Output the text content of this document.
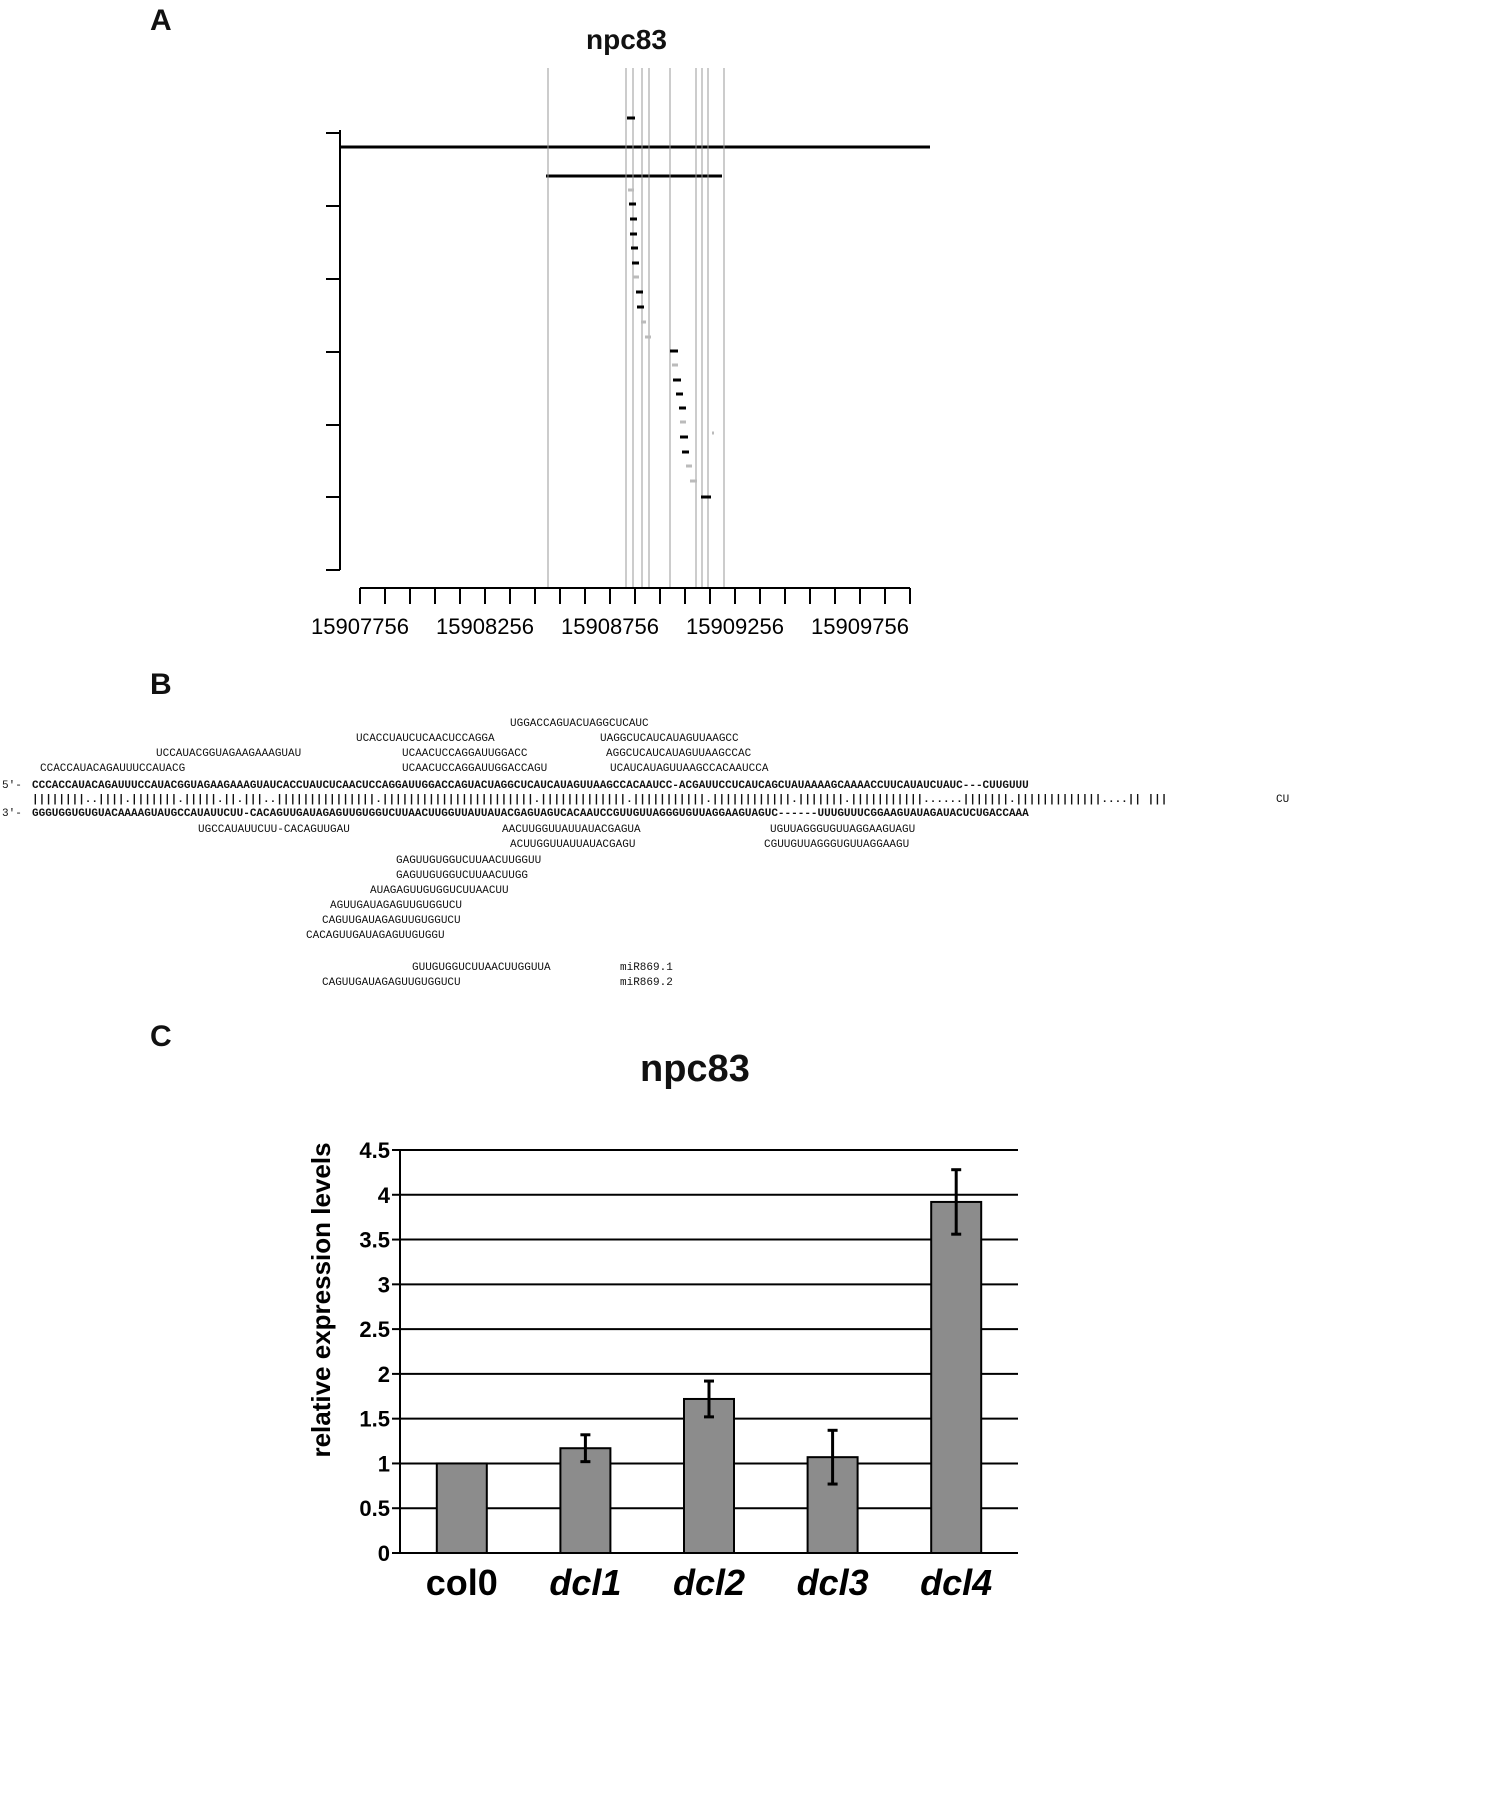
A
B
C
npc83
15907756 15908256 15908756 15909256 15909756
UGGACCAGUACUAGGCUCAUC
UCACCUAUCUCAACUCCAGGA	UAGGCUCAUCAUAGUUAAGCC
UCCAUACGGUAGAAGAAAGUAU	UCAACUCCAGGAUUGGACC	AGGCUCAUCAUAGUUAAGCCAC
CCACCAUACAGAUUUCCAUACG	UCAACUCCAGGAUUGGACCAGU	UCAUCAUAGUUAAGCCACAAUCCA
5'- CCCACCAUACAGAUUUCCAUACGGUAGAAGAAAGUAUCACCUAUCUCAACUCCAGGAUUGGACCAGUACUAGGCUCAUCAUAGUUAAGCCACAAUCC-ACGAUUCCUCAUCAGCUAUAAAAGCAAAACCUUCAUAUCUAUC---CUUGUUU
||||||||..||||.|||||||.|||||.||.|||..|||||||||||||||.|||||||||||||||||||||||.|||||||||||||.|||||||||||.||||||||||||.|||||||.|||||||||||......|||||||.|||||||||||||....|| |||	CU
3'- GGGUGGUGUGUACAAAAGUAUGCCAUAUUCUU-CACAGUUGAUAGAGUUGUGGUCUUAACUUGGUUAUUAUACGAGUAGUCACAAUCCGUUGUUAGGGUGUUAGGAAGUAGUC------UUUGUUUCGGAAGUAUAGAUACUCUGACCAAA
UGCCAUAUUCUU-CACAGUUGAU	AACUUGGUUAUUAUACGAGUA	UGUUAGGGUGUUAGGAAGUAGU
ACUUGGUUAUUAUACGAGU	CGUUGUUAGGGUGUUAGGAAGU
GAGUUGUGGUCUUAACUUGGUU
GAGUUGUGGUCUUAACUUGG
AUAGAGUUGUGGUCUUAACUU
AGUUGAUAGAGUUGUGGUCU
CAGUUGAUAGAGUUGUGGUCU
CACAGUUGAUAGAGUUGUGGU
GUUGUGGUCUUAACUUGGUUA	miR869.1
CAGUUGAUAGAGUUGUGGUCU	miR869.2
npc83
0
0.5
1
1.5
2
2.5
3
3.5
4
4.5
col0 dcl1 dcl2 dcl3 dcl4
relative expression levels
